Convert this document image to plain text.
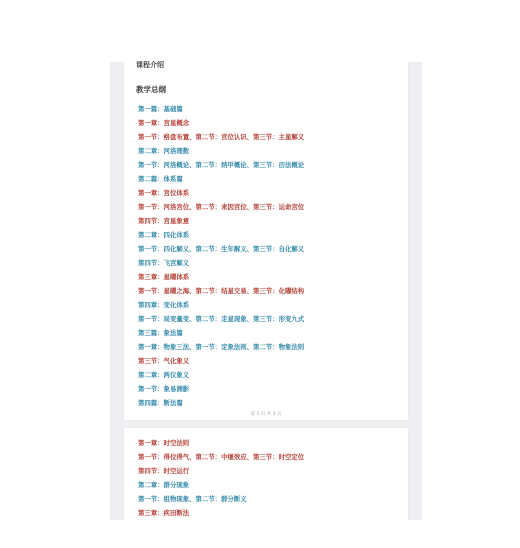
课程介绍
教学总纲
第一篇：基础篇
第一章：宫星概念
第一节：格盘布置、第二节：宫位认识、第三节：主星解义
第二章：河洛理数
第一节：河洛概论、第二节：纳甲概论、第三节：历法概论
第二篇：体系篇
第一章：宫位体系
第一节：河洛宫位、第二节：来因宫位、第三节：运命宫位
第四节：宫星象意
第二章：四化体系
第一节：四化解义、第二节：生年解义、第三节：自化解义
第四节：飞宫解义
第三章：星曜体系
第一节：星曜之海、第二节：结星交易、第三节：化曜结构
第四章：变化体系
第一节：局变量变、第二节：走星现象、第三节：形变九式
第三篇：象法篇
第一章：物象三法、第一节：定象法则、第二节：物象法则
第三节：气化象义
第二章：两仪象义
第一节：象易测影
第四篇：断法篇
第 1 页 共 3 页
第一章：时空法则
第一节：得位得气、第二节：中继效应、第三节：时空定位
第四节：时空运行
第二章：群分现象
第一节：组物现象、第二节：群分断义
第三章：疾田断法
